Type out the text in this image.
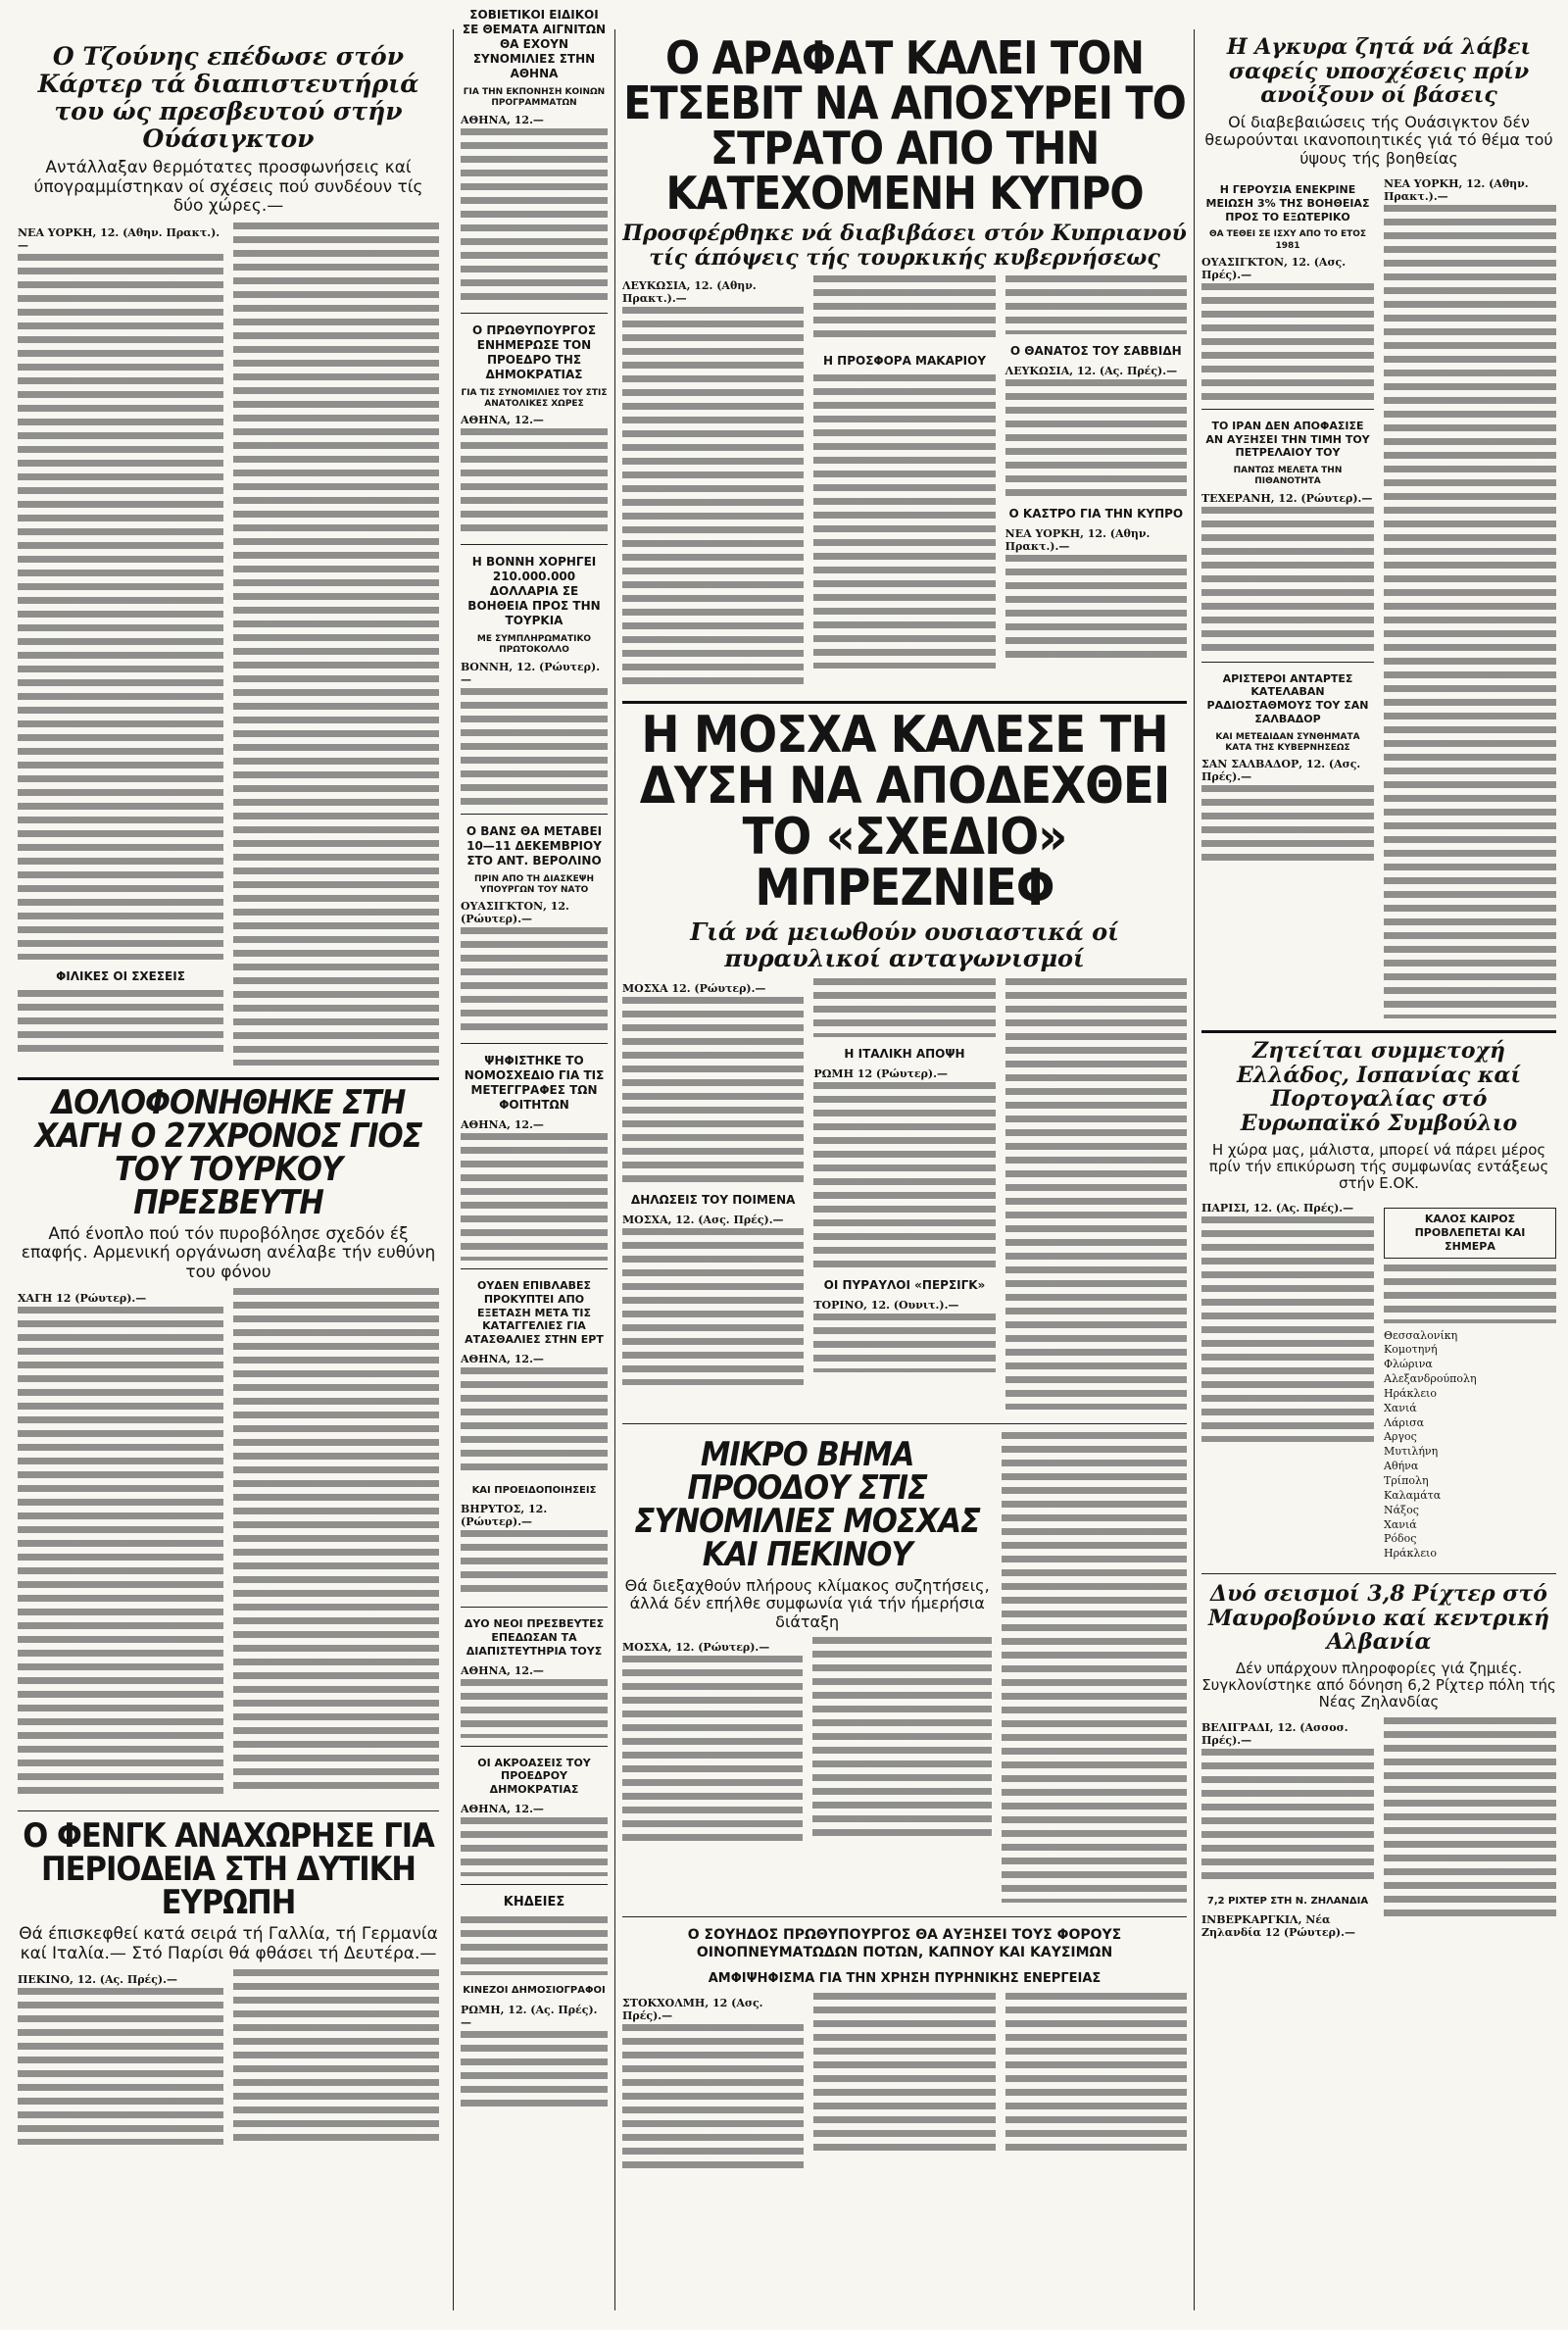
Ο Τζούνης επέδωσε στόν Κάρτερ τά διαπιστευτήριά του ώς πρεσβευτού στήν Ούάσιγκτον
Αντάλλαξαν θερμότατες προσφωνήσεις καί ύπογραμμίστηκαν οί σχέσεις πού συνδέουν τίς δύο χώρες.—
ΝΕΑ ΥΟΡΚΗ, 12. (Αθην. Πρακτ.).—

ΦΙΛΙΚΕΣ ΟΙ ΣΧΕΣΕΙΣ

ΔΟΛΟΦΟΝΗΘΗΚΕ ΣΤΗ ΧΑΓΗ Ο 27ΧΡΟΝΟΣ ΓΙΟΣ ΤΟΥ ΤΟΥΡΚΟΥ ΠΡΕΣΒΕΥΤΗ
Από ένοπλο πού τόν πυροβόλησε σχεδόν έξ επαφής. Αρμενική οργάνωση ανέλαβε τήν ευθύνη του φόνου
ΧΑΓΗ 12 (Ρώυτερ).—

Ο ΦΕΝΓΚ ΑΝΑΧΩΡΗΣΕ ΓΙΑ ΠΕΡΙΟΔΕΙΑ ΣΤΗ ΔΥΤΙΚΗ ΕΥΡΩΠΗ
Θά έπισκεφθεί κατά σειρά τή Γαλλία, τή Γερμανία καί Ιταλία.— Στό Παρίσι θά φθάσει τή Δευτέρα.—
ΠΕΚΙΝΟ, 12. (Ας. Πρές).—

ΣΟΒΙΕΤΙΚΟΙ ΕΙΔΙΚΟΙ ΣΕ ΘΕΜΑΤΑ ΑΙΓΝΙΤΩΝ ΘΑ ΕΧΟΥΝ ΣΥΝΟΜΙΛΙΕΣ ΣΤΗΝ ΑΘΗΝΑ
ΓΙΑ ΤΗΝ ΕΚΠΟΝΗΣΗ ΚΟΙΝΩΝ ΠΡΟΓΡΑΜΜΑΤΩΝ
ΑΘΗΝΑ, 12.—

Ο ΠΡΩΘΥΠΟΥΡΓΟΣ ΕΝΗΜΕΡΩΣΕ ΤΟΝ ΠΡΟΕΔΡΟ ΤΗΣ ΔΗΜΟΚΡΑΤΙΑΣ
ΓΙΑ ΤΙΣ ΣΥΝΟΜΙΛΙΕΣ ΤΟΥ ΣΤΙΣ ΑΝΑΤΟΛΙΚΕΣ ΧΩΡΕΣ
ΑΘΗΝΑ, 12.—

Η ΒΟΝΝΗ ΧΟΡΗΓΕΙ 210.000.000 ΔΟΛΛΑΡΙΑ ΣΕ ΒΟΗΘΕΙΑ ΠΡΟΣ ΤΗΝ ΤΟΥΡΚΙΑ
ΜΕ ΣΥΜΠΛΗΡΩΜΑΤΙΚΟ ΠΡΩΤΟΚΟΛΛΟ
ΒΟΝΝΗ, 12. (Ρώυτερ).—

Ο ΒΑΝΣ ΘΑ ΜΕΤΑΒΕΙ 10—11 ΔΕΚΕΜΒΡΙΟΥ ΣΤΟ ΑΝΤ. ΒΕΡΟΛΙΝΟ
ΠΡΙΝ ΑΠΟ ΤΗ ΔΙΑΣΚΕΨΗ ΥΠΟΥΡΓΩΝ ΤΟΥ ΝΑΤΟ
ΟΥΑΣΙΓΚΤΟΝ, 12. (Ρώυτερ).—

ΨΗΦΙΣΤΗΚΕ ΤΟ ΝΟΜΟΣΧΕΔΙΟ ΓΙΑ ΤΙΣ ΜΕΤΕΓΓΡΑΦΕΣ ΤΩΝ ΦΟΙΤΗΤΩΝ
ΑΘΗΝΑ, 12.—

ΟΥΔΕΝ ΕΠΙΒΛΑΒΕΣ ΠΡΟΚΥΠΤΕΙ ΑΠΟ ΕΞΕΤΑΣΗ ΜΕΤΑ ΤΙΣ ΚΑΤΑΓΓΕΛΙΕΣ ΓΙΑ ΑΤΑΣΘΑΛΙΕΣ ΣΤΗΝ ΕΡΤ
ΑΘΗΝΑ, 12.—

ΚΑΙ ΠΡΟΕΙΔΟΠΟΙΗΣΕΙΣ
ΒΗΡΥΤΟΣ, 12. (Ρώυτερ).—

ΔΥΟ ΝΕΟΙ ΠΡΕΣΒΕΥΤΕΣ ΕΠΕΔΩΣΑΝ ΤΑ ΔΙΑΠΙΣΤΕΥΤΗΡΙΑ ΤΟΥΣ
ΑΘΗΝΑ, 12.—

ΟΙ ΑΚΡΟΑΣΕΙΣ ΤΟΥ ΠΡΟΕΔΡΟΥ ΔΗΜΟΚΡΑΤΙΑΣ
ΑΘΗΝΑ, 12.—

ΚΗΔΕΙΕΣ

ΚΙΝΕΖΟΙ ΔΗΜΟΣΙΟΓΡΑΦΟΙ
ΡΩΜΗ, 12. (Ας. Πρές).—

Ο ΑΡΑΦΑΤ ΚΑΛΕΙ ΤΟΝ ΕΤΣΕΒΙΤ ΝΑ ΑΠΟΣΥΡΕΙ ΤΟ ΣΤΡΑΤΟ ΑΠΟ ΤΗΝ ΚΑΤΕΧΟΜΕΝΗ ΚΥΠΡΟ
Προσφέρθηκε νά διαβιβάσει στόν Κυπριανού τίς άπόψεις τής τουρκικής κυβερνήσεως
ΛΕΥΚΩΣΙΑ, 12. (Αθην. Πρακτ.).—

Η ΠΡΟΣΦΟΡΑ ΜΑΚΑΡΙΟΥ

Ο ΘΑΝΑΤΟΣ ΤΟΥ ΣΑΒΒΙΔΗ
ΛΕΥΚΩΣΙΑ, 12. (Ας. Πρές).—

Ο ΚΑΣΤΡΟ ΓΙΑ ΤΗΝ ΚΥΠΡΟ
ΝΕΑ ΥΟΡΚΗ, 12. (Αθην. Πρακτ.).—

Η ΜΟΣΧΑ ΚΑΛΕΣΕ ΤΗ ΔΥΣΗ ΝΑ ΑΠΟΔΕΧΘΕΙ ΤΟ «ΣΧΕΔΙΟ» ΜΠΡΕΖΝΙΕΦ
Γιά νά μειωθούν ουσιαστικά οί πυραυλικοί ανταγωνισμοί
ΜΟΣΧΑ 12. (Ρώυτερ).—

ΔΗΛΩΣΕΙΣ ΤΟΥ ΠΟΙΜΕΝΑ
ΜΟΣΧΑ, 12. (Ασς. Πρές).—

Η ΙΤΑΛΙΚΗ ΑΠΟΨΗ
ΡΩΜΗ 12 (Ρώυτερ).—

ΟΙ ΠΥΡΑΥΛΟΙ «ΠΕΡΣΙΓΚ»
ΤΟΡΙΝΟ, 12. (Ουνιτ.).—

ΜΙΚΡΟ ΒΗΜΑ ΠΡΟΟΔΟΥ ΣΤΙΣ ΣΥΝΟΜΙΛΙΕΣ ΜΟΣΧΑΣ ΚΑΙ ΠΕΚΙΝΟΥ
Θά διεξαχθούν πλήρους κλίμακος συζητήσεις, άλλά δέν επήλθε συμφωνία γιά τήν ήμερήσια διάταξη
ΜΟΣΧΑ, 12. (Ρώυτερ).—

Ο ΣΟΥΗΔΟΣ ΠΡΩΘΥΠΟΥΡΓΟΣ ΘΑ ΑΥΞΗΣΕΙ ΤΟΥΣ ΦΟΡΟΥΣ ΟΙΝΟΠΝΕΥΜΑΤΩΔΩΝ ΠΟΤΩΝ, ΚΑΠΝΟΥ ΚΑΙ ΚΑΥΣΙΜΩΝ
ΑΜΦΙΨΗΦΙΣΜΑ ΓΙΑ ΤΗΝ ΧΡΗΣΗ ΠΥΡΗΝΙΚΗΣ ΕΝΕΡΓΕΙΑΣ
ΣΤΟΚΧΟΛΜΗ, 12 (Ασς. Πρές).—

Η Αγκυρα ζητά νά λάβει σαφείς υποσχέσεις πρίν ανοίξουν οί βάσεις
Οί διαβεβαιώσεις τής Ουάσιγκτον δέν θεωρούνται ικανοποιητικές γιά τό θέμα τού ύψους τής βοηθείας
Η ΓΕΡΟΥΣΙΑ ΕΝΕΚΡΙΝΕ ΜΕΙΩΣΗ 3% ΤΗΣ ΒΟΗΘΕΙΑΣ ΠΡΟΣ ΤΟ ΕΞΩΤΕΡΙΚΟ
ΘΑ ΤΕΘΕΙ ΣΕ ΙΣΧΥ ΑΠΟ ΤΟ ΕΤΟΣ 1981
ΟΥΑΣΙΓΚΤΟΝ, 12. (Ασς. Πρές).—

ΤΟ ΙΡΑΝ ΔΕΝ ΑΠΟΦΑΣΙΣΕ ΑΝ ΑΥΞΗΣΕΙ ΤΗΝ ΤΙΜΗ ΤΟΥ ΠΕΤΡΕΛΑΙΟΥ ΤΟΥ
ΠΑΝΤΩΣ ΜΕΛΕΤΑ ΤΗΝ ΠΙΘΑΝΟΤΗΤΑ
ΤΕΧΕΡΑΝΗ, 12. (Ρώυτερ).—

ΑΡΙΣΤΕΡΟΙ ΑΝΤΑΡΤΕΣ ΚΑΤΕΛΑΒΑΝ ΡΑΔΙΟΣΤΑΘΜΟΥΣ ΤΟΥ ΣΑΝ ΣΑΛΒΑΔΟΡ
ΚΑΙ ΜΕΤΕΔΙΔΑΝ ΣΥΝΘΗΜΑΤΑ ΚΑΤΑ ΤΗΣ ΚΥΒΕΡΝΗΣΕΩΣ
ΣΑΝ ΣΑΛΒΑΔΟΡ, 12. (Ασς. Πρές).—

ΝΕΑ ΥΟΡΚΗ, 12. (Αθην. Πρακτ.).—

Ζητείται συμμετοχή Ελλάδος, Ισπανίας καί Πορτογαλίας στό Ευρωπαϊκό Συμβούλιο
Η χώρα μας, μάλιστα, μπορεί νά πάρει μέρος πρίν τήν επικύρωση τής συμφωνίας εντάξεως στήν Ε.ΟΚ.
ΠΑΡΙΣΙ, 12. (Ας. Πρές).—

ΚΑΛΟΣ ΚΑΙΡΟΣ ΠΡΟΒΛΕΠΕΤΑΙ ΚΑΙ ΣΗΜΕΡΑ

Θεσσαλονίκη
Κομοτηνή
Φλώρινα
Αλεξανδρούπολη
Ηράκλειο
Χανιά
Λάρισα
Αργος
Μυτιλήνη
Αθήνα
Τρίπολη
Καλαμάτα
Νάξος
Χανιά
Ρόδος
Ηράκλειο
Δυό σεισμοί 3,8 Ρίχτερ στό Μαυροβούνιο καί κεντρική Αλβανία
Δέν υπάρχουν πληροφορίες γιά ζημιές. Συγκλονίστηκε από δόνηση 6,2 Ρίχτερ πόλη τής Νέας Ζηλανδίας
ΒΕΛΙΓΡΑΔΙ, 12. (Ασσοσ. Πρές).—

7,2 ΡΙΧΤΕΡ ΣΤΗ Ν. ΖΗΛΑΝΔΙΑ
ΙΝΒΕΡΚΑΡΓΚΙΛ, Νέα Ζηλανδία 12 (Ρώυτερ).—
